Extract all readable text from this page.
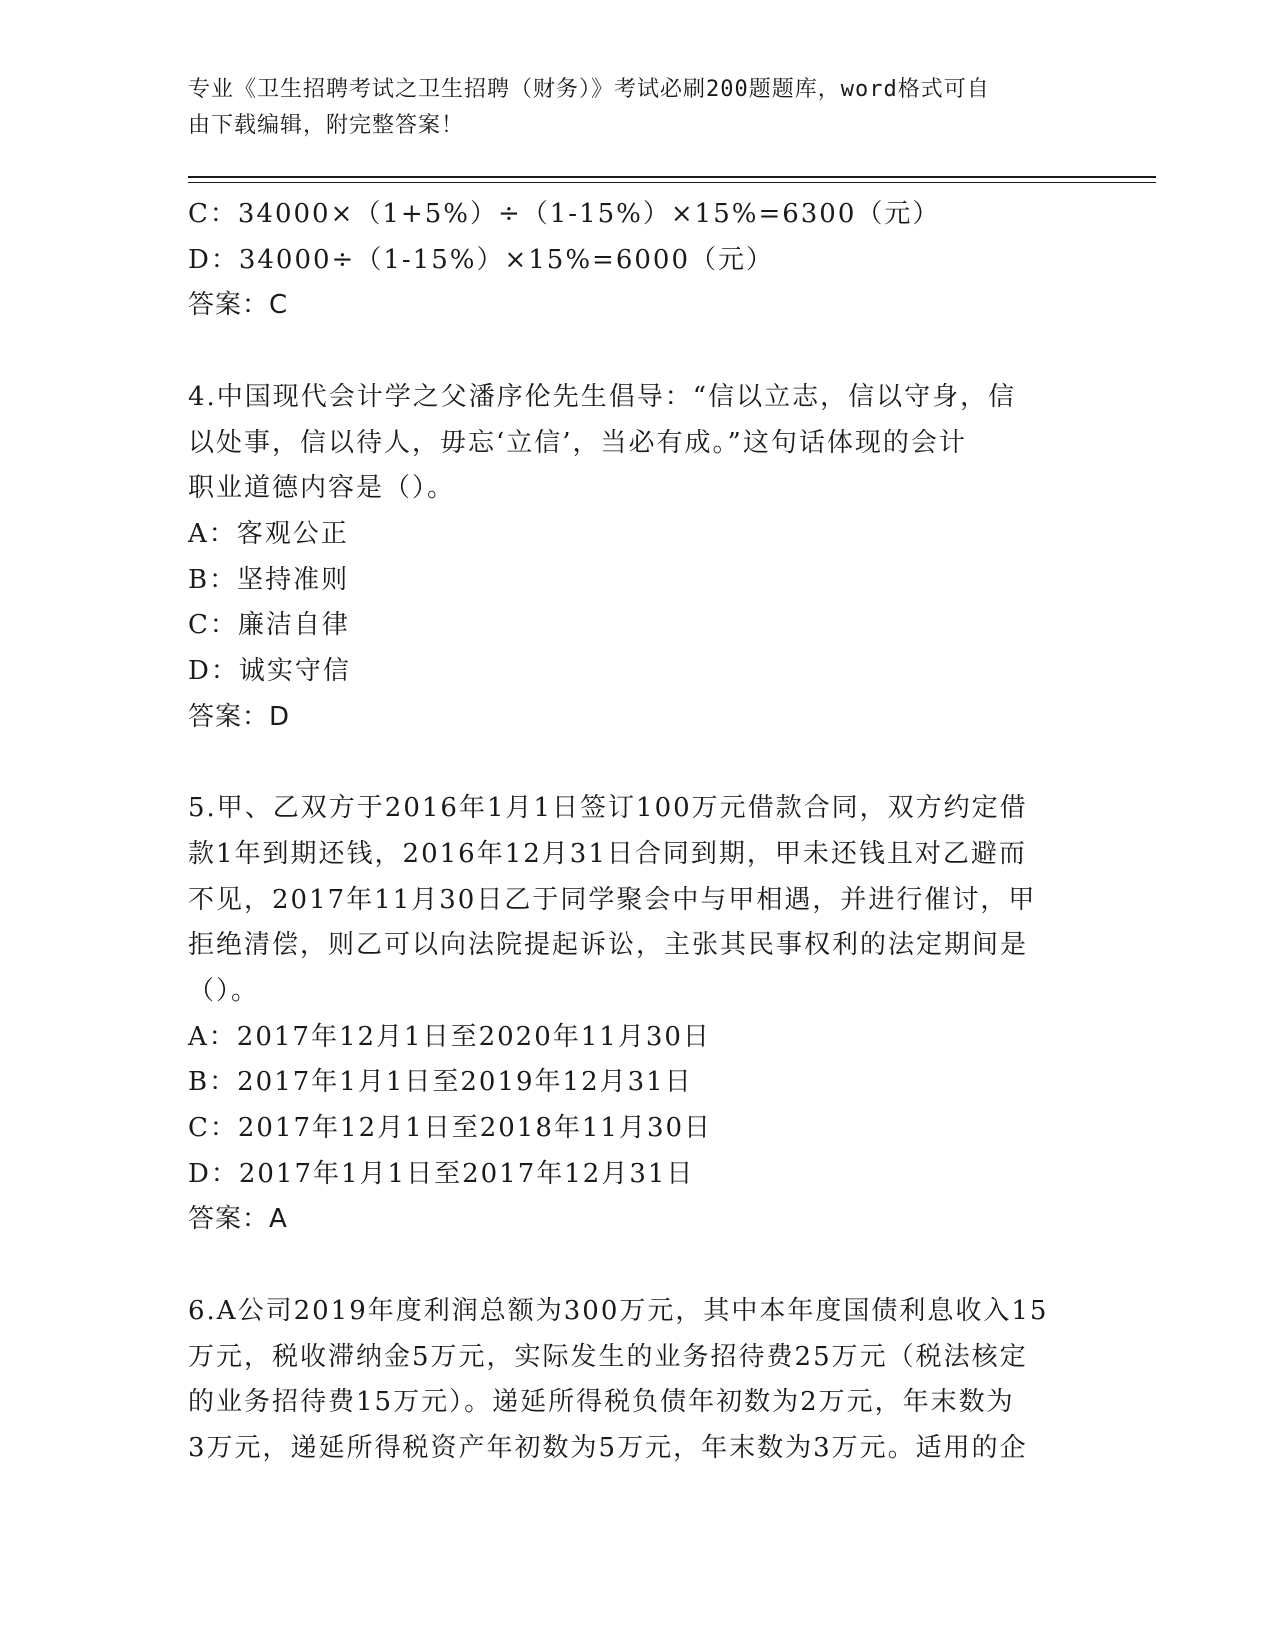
专业《卫生招聘考试之卫生招聘（财务）》考试必刷200题题库，word格式可自
由下载编辑，附完整答案！
C：34000×（1+5%）÷（1-15%）×15%=6300（元）
D：34000÷（1-15%）×15%=6000（元）
答案：C
4.中国现代会计学之父潘序伦先生倡导：“信以立志，信以守身，信
以处事，信以待人，毋忘‘立信’，当必有成。”这句话体现的会计
职业道德内容是（）。
A：客观公正
B：坚持准则
C：廉洁自律
D：诚实守信
答案：D
5.甲、乙双方于2016年1月1日签订100万元借款合同，双方约定借
款1年到期还钱，2016年12月31日合同到期，甲未还钱且对乙避而
不见，2017年11月30日乙于同学聚会中与甲相遇，并进行催讨，甲
拒绝清偿，则乙可以向法院提起诉讼，主张其民事权利的法定期间是
（）。
A：2017年12月1日至2020年11月30日
B：2017年1月1日至2019年12月31日
C：2017年12月1日至2018年11月30日
D：2017年1月1日至2017年12月31日
答案：A
6.A公司2019年度利润总额为300万元，其中本年度国债利息收入15
万元，税收滞纳金5万元，实际发生的业务招待费25万元（税法核定
的业务招待费15万元）。递延所得税负债年初数为2万元，年末数为
3万元，递延所得税资产年初数为5万元，年末数为3万元。适用的企
